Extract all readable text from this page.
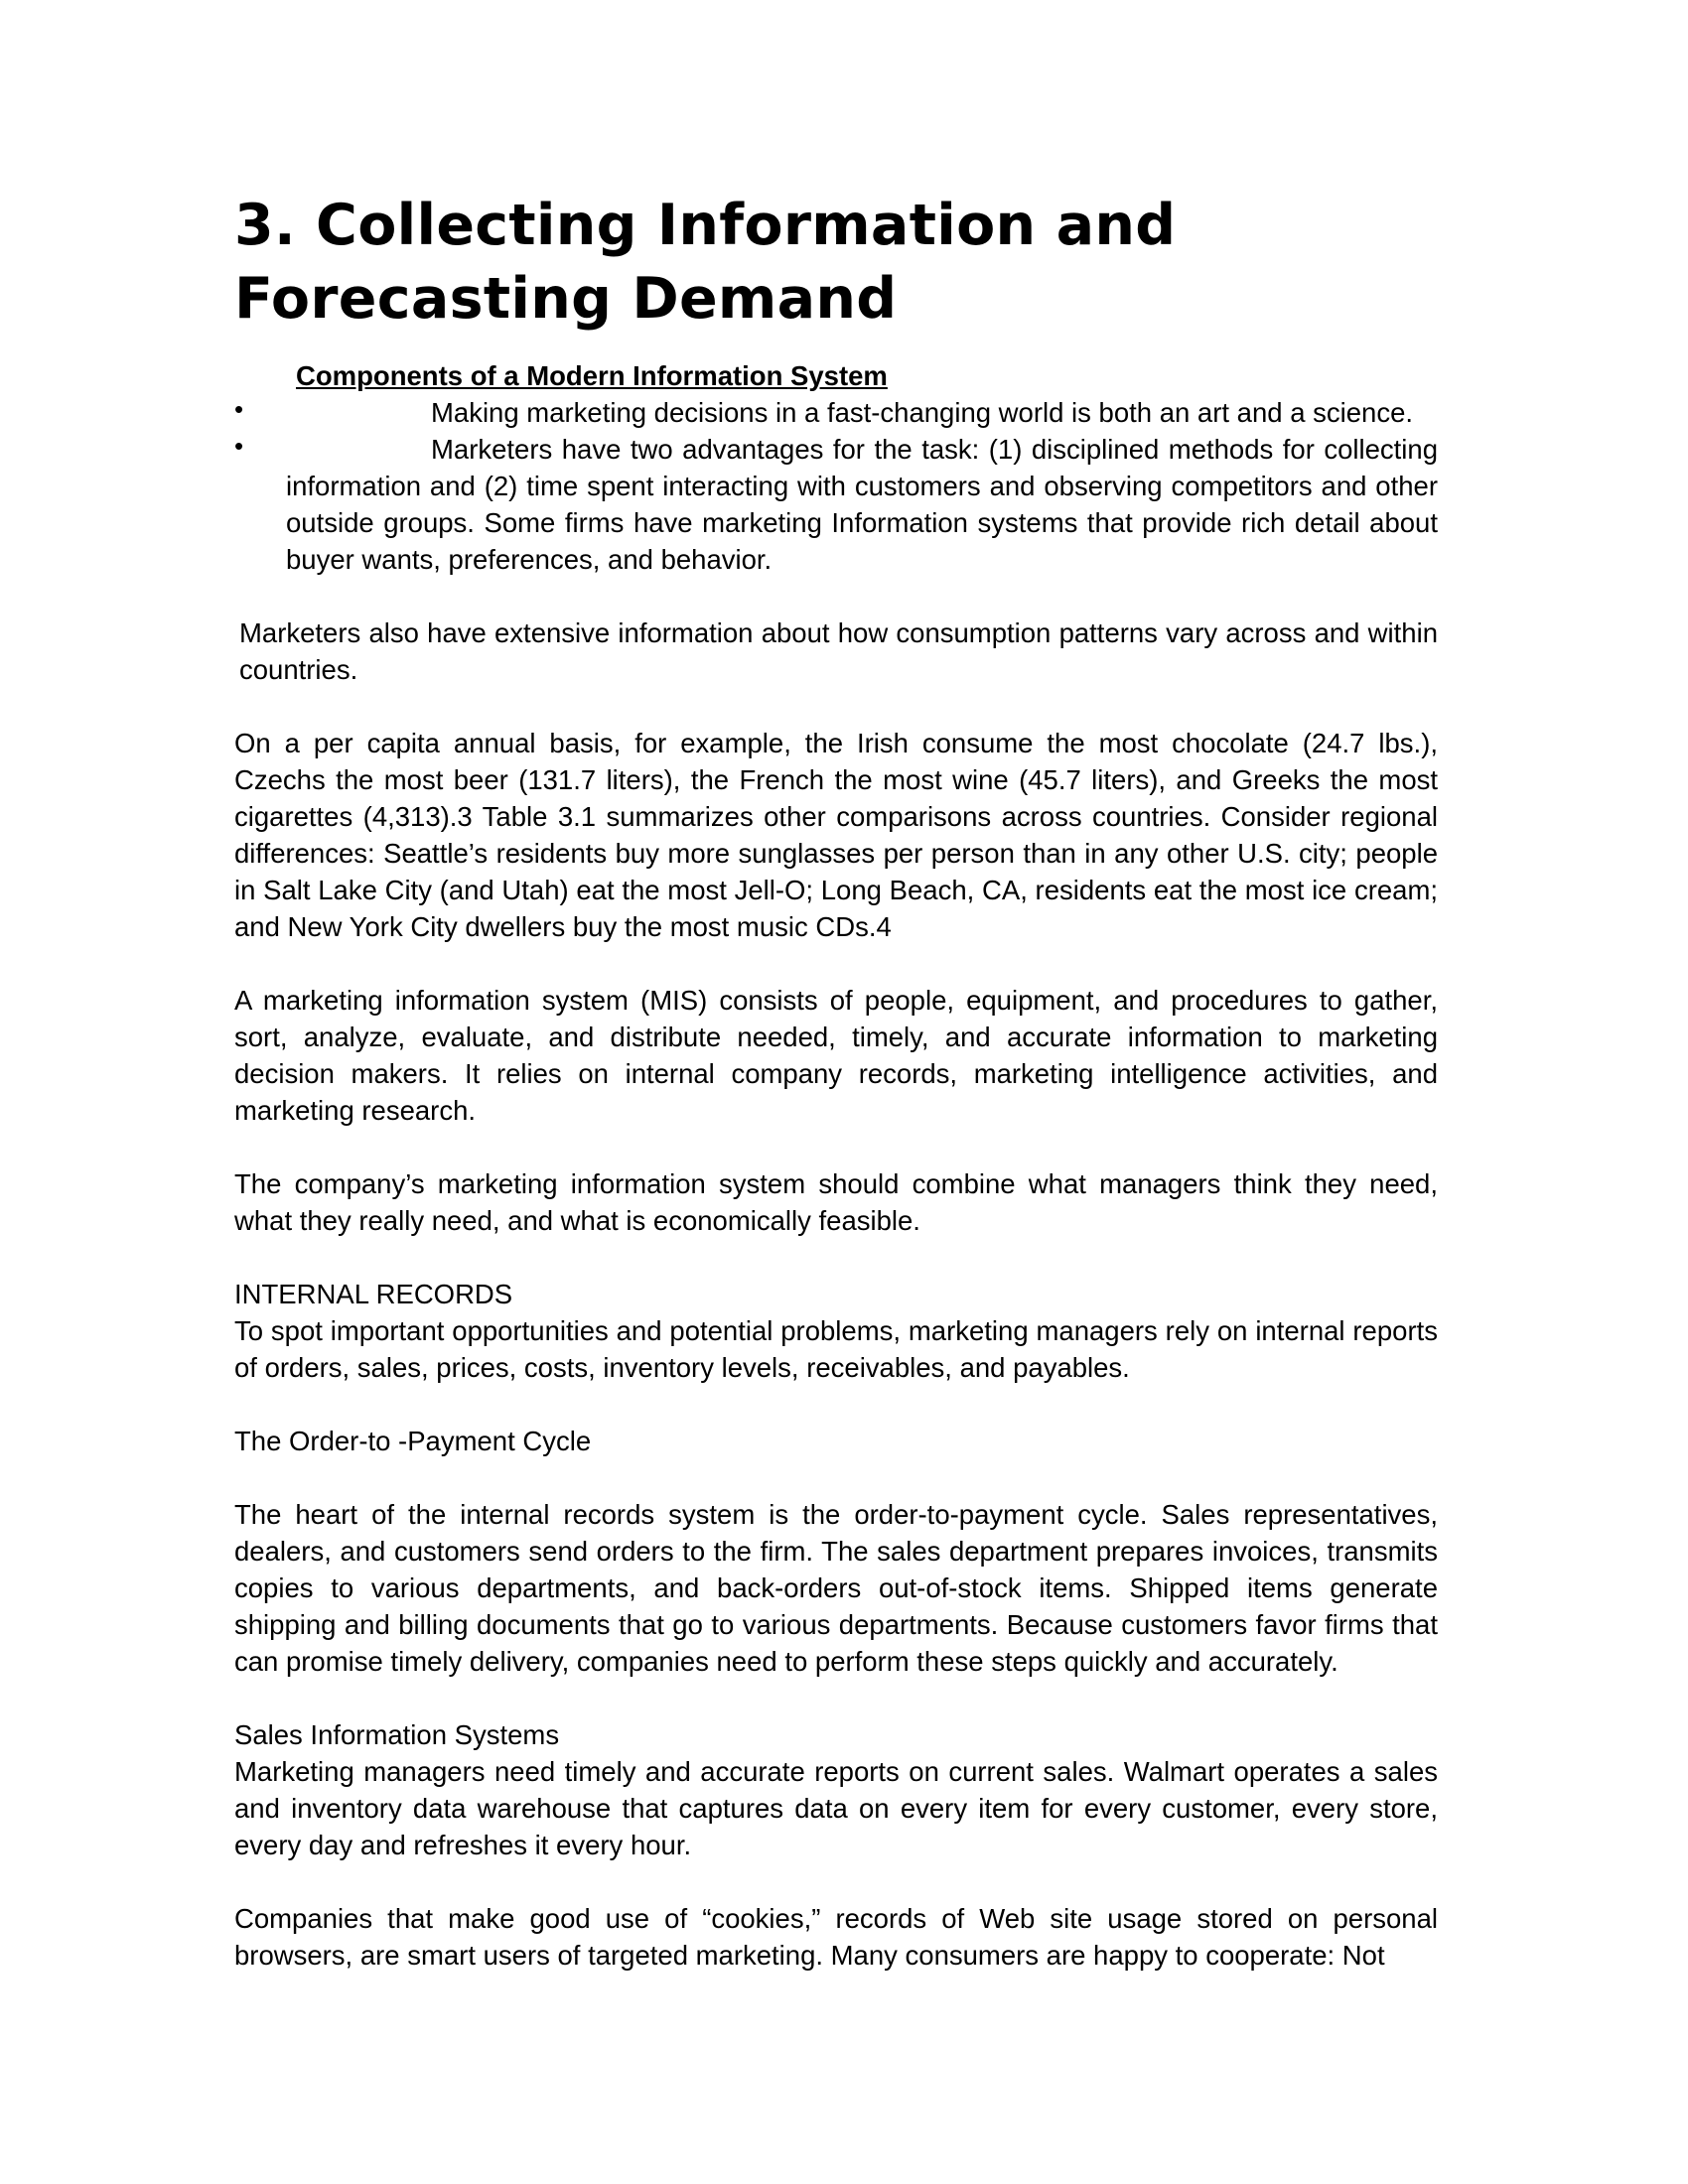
3. Collecting Information and Forecasting Demand
Components of a Modern Information System
•	Making marketing decisions in a fast-changing world is both an art and a science.
•	Marketers have two advantages for the task: (1) disciplined methods for collecting information and (2) time spent interacting with customers and observing competitors and other outside groups. Some firms have marketing Information systems that provide rich detail about buyer wants, preferences, and behavior.

Marketers also have extensive information about how consumption patterns vary across and within countries.

On a per capita annual basis, for example, the Irish consume the most chocolate (24.7 lbs.), Czechs the most beer (131.7 liters), the French the most wine (45.7 liters), and Greeks the most cigarettes (4,313).3 Table 3.1 summarizes other comparisons across countries. Consider regional differences: Seattle’s residents buy more sunglasses per person than in any other U.S. city; people in Salt Lake City (and Utah) eat the most Jell-O; Long Beach, CA, residents eat the most ice cream; and New York City dwellers buy the most music CDs.4

A marketing information system (MIS) consists of people, equipment, and procedures to gather, sort, analyze, evaluate, and distribute needed, timely, and accurate information to marketing decision makers. It relies on internal company records, marketing intelligence activities, and marketing research.

The company’s marketing information system should combine what managers think they need, what they really need, and what is economically feasible.

INTERNAL RECORDS

To spot important opportunities and potential problems, marketing managers rely on internal reports of orders, sales, prices, costs, inventory levels, receivables, and payables.

The Order-to -Payment Cycle

The heart of the internal records system is the order-to-payment cycle. Sales representatives, dealers, and customers send orders to the firm. The sales department prepares invoices, transmits copies to various departments, and back-orders out-of-stock items. Shipped items generate shipping and billing documents that go to various departments. Because customers favor firms that can promise timely delivery, companies need to perform these steps quickly and accurately.

Sales Information Systems

Marketing managers need timely and accurate reports on current sales. Walmart operates a sales and inventory data warehouse that captures data on every item for every customer, every store, every day and refreshes it every hour.

Companies that make good use of “cookies,” records of Web site usage stored on personal browsers, are smart users of targeted marketing. Many consumers are happy to cooperate: Not
